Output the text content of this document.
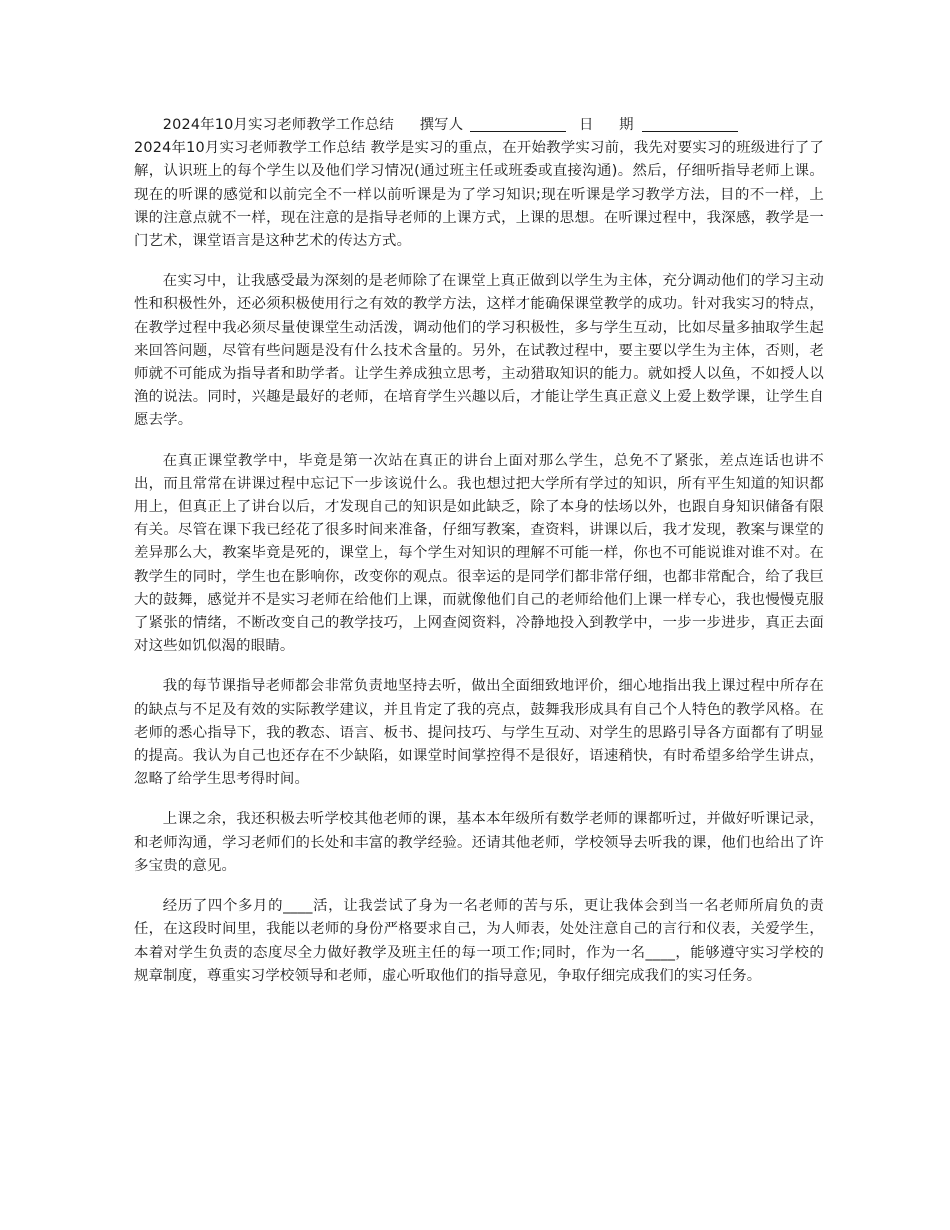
2024年10月实习老师教学工作总结 撰写人	日 期
2024年10月实习老师教学工作总结 教学是实习的重点，在开始教学实习前，我先对要实习的班级进行了了解，认识班上的每个学生以及他们学习情况(通过班主任或班委或直接沟通)。然后，仔细听指导老师上课。现在的听课的感觉和以前完全不一样以前听课是为了学习知识;现在听课是学习教学方法，目的不一样，上课的注意点就不一样，现在注意的是指导老师的上课方式，上课的思想。在听课过程中，我深感，教学是一门艺术，课堂语言是这种艺术的传达方式。

在实习中，让我感受最为深刻的是老师除了在课堂上真正做到以学生为主体，充分调动他们的学习主动性和积极性外，还必须积极使用行之有效的教学方法，这样才能确保课堂教学的成功。针对我实习的特点，在教学过程中我必须尽量使课堂生动活泼，调动他们的学习积极性，多与学生互动，比如尽量多抽取学生起来回答问题，尽管有些问题是没有什么技术含量的。另外，在试教过程中，要主要以学生为主体，否则，老师就不可能成为指导者和助学者。让学生养成独立思考，主动猎取知识的能力。就如授人以鱼，不如授人以渔的说法。同时，兴趣是最好的老师，在培育学生兴趣以后，才能让学生真正意义上爱上数学课，让学生自愿去学。

在真正课堂教学中，毕竟是第一次站在真正的讲台上面对那么学生，总免不了紧张，差点连话也讲不出，而且常常在讲课过程中忘记下一步该说什么。我也想过把大学所有学过的知识，所有平生知道的知识都用上，但真正上了讲台以后，才发现自己的知识是如此缺乏，除了本身的怯场以外，也跟自身知识储备有限有关。尽管在课下我已经花了很多时间来准备，仔细写教案，查资料，讲课以后，我才发现，教案与课堂的差异那么大，教案毕竟是死的，课堂上，每个学生对知识的理解不可能一样，你也不可能说谁对谁不对。在教学生的同时，学生也在影响你，改变你的观点。很幸运的是同学们都非常仔细，也都非常配合，给了我巨大的鼓舞，感觉并不是实习老师在给他们上课，而就像他们自己的老师给他们上课一样专心，我也慢慢克服了紧张的情绪，不断改变自己的教学技巧，上网查阅资料，冷静地投入到教学中，一步一步进步，真正去面对这些如饥似渴的眼睛。

我的每节课指导老师都会非常负责地坚持去听，做出全面细致地评价，细心地指出我上课过程中所存在的缺点与不足及有效的实际教学建议，并且肯定了我的亮点，鼓舞我形成具有自己个人特色的教学风格。在老师的悉心指导下，我的教态、语言、板书、提问技巧、与学生互动、对学生的思路引导各方面都有了明显的提高。我认为自己也还存在不少缺陷，如课堂时间掌控得不是很好，语速稍快，有时希望多给学生讲点，忽略了给学生思考得时间。

上课之余，我还积极去听学校其他老师的课，基本本年级所有数学老师的课都听过，并做好听课记录，和老师沟通，学习老师们的长处和丰富的教学经验。还请其他老师，学校领导去听我的课，他们也给出了许多宝贵的意见。

经历了四个多月的____活，让我尝试了身为一名老师的苦与乐，更让我体会到当一名老师所肩负的责任，在这段时间里，我能以老师的身份严格要求自己，为人师表，处处注意自己的言行和仪表，关爱学生，本着对学生负责的态度尽全力做好教学及班主任的每一项工作;同时，作为一名____，能够遵守实习学校的规章制度，尊重实习学校领导和老师，虚心听取他们的指导意见，争取仔细完成我们的实习任务。
